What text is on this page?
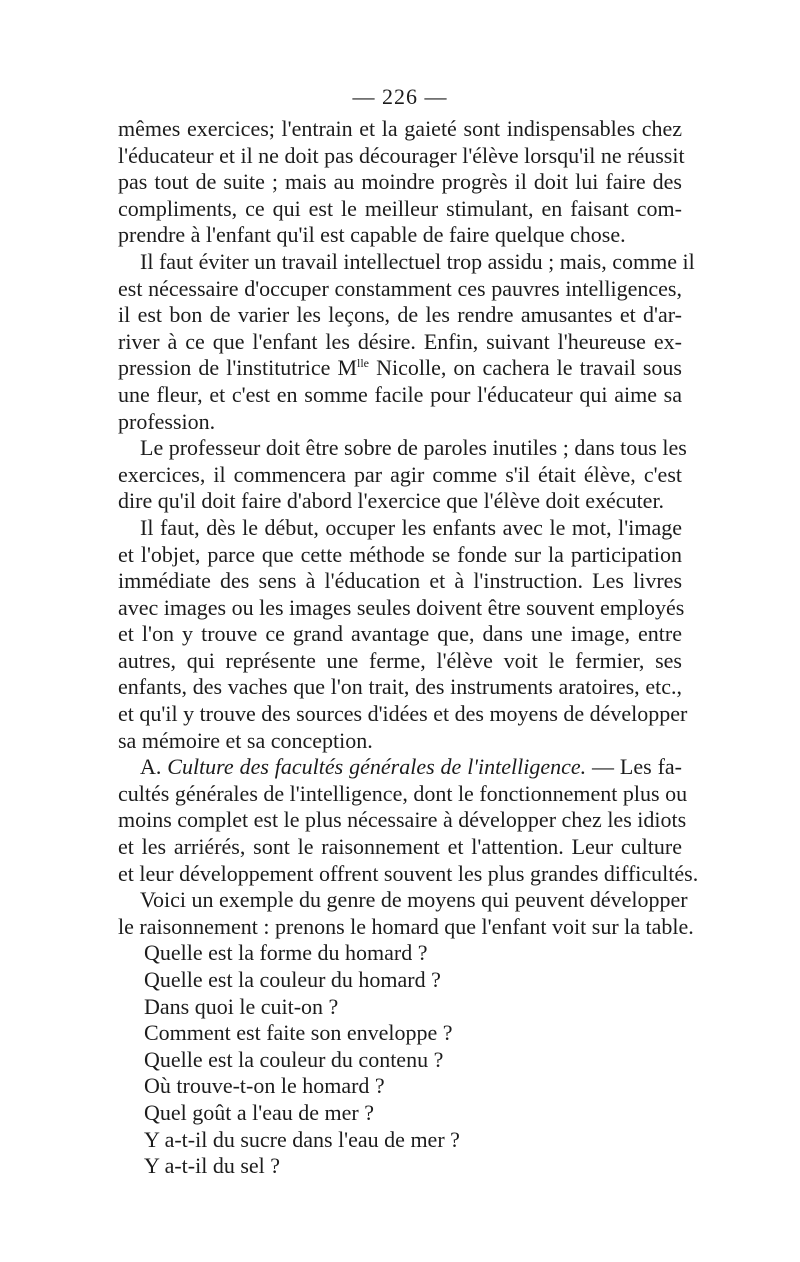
— 226 —
mêmes exercices; l'entrain et la gaieté sont indispensables chez
l'éducateur et il ne doit pas décourager l'élève lorsqu'il ne réussit
pas tout de suite ; mais au moindre progrès il doit lui faire des
compliments, ce qui est le meilleur stimulant, en faisant com-
prendre à l'enfant qu'il est capable de faire quelque chose.
Il faut éviter un travail intellectuel trop assidu ; mais, comme il
est nécessaire d'occuper constamment ces pauvres intelligences,
il est bon de varier les leçons, de les rendre amusantes et d'ar-
river à ce que l'enfant les désire. Enfin, suivant l'heureuse ex-
pression de l'institutrice $M^{lle}$ Nicolle, on cachera le travail sous
une fleur, et c'est en somme facile pour l'éducateur qui aime sa
profession.
Le professeur doit être sobre de paroles inutiles ; dans tous les
exercices, il commencera par agir comme s'il était élève, c'est
dire qu'il doit faire d'abord l'exercice que l'élève doit exécuter.
Il faut, dès le début, occuper les enfants avec le mot, l'image
et l'objet, parce que cette méthode se fonde sur la participation
immédiate des sens à l'éducation et à l'instruction. Les livres
avec images ou les images seules doivent être souvent employés
et l'on y trouve ce grand avantage que, dans une image, entre
autres, qui représente une ferme, l'élève voit le fermier, ses
enfants, des vaches que l'on trait, des instruments aratoires, etc.,
et qu'il y trouve des sources d'idées et des moyens de développer
sa mémoire et sa conception.
A. Culture des facultés générales de l'intelligence. — Les fa-
cultés générales de l'intelligence, dont le fonctionnement plus ou
moins complet est le plus nécessaire à développer chez les idiots
et les arriérés, sont le raisonnement et l'attention. Leur culture
et leur développement offrent souvent les plus grandes difficultés.
Voici un exemple du genre de moyens qui peuvent développer
le raisonnement : prenons le homard que l'enfant voit sur la table.
Quelle est la forme du homard ?
Quelle est la couleur du homard ?
Dans quoi le cuit-on ?
Comment est faite son enveloppe ?
Quelle est la couleur du contenu ?
Où trouve-t-on le homard ?
Quel goût a l'eau de mer ?
Y a-t-il du sucre dans l'eau de mer ?
Y a-t-il du sel ?
